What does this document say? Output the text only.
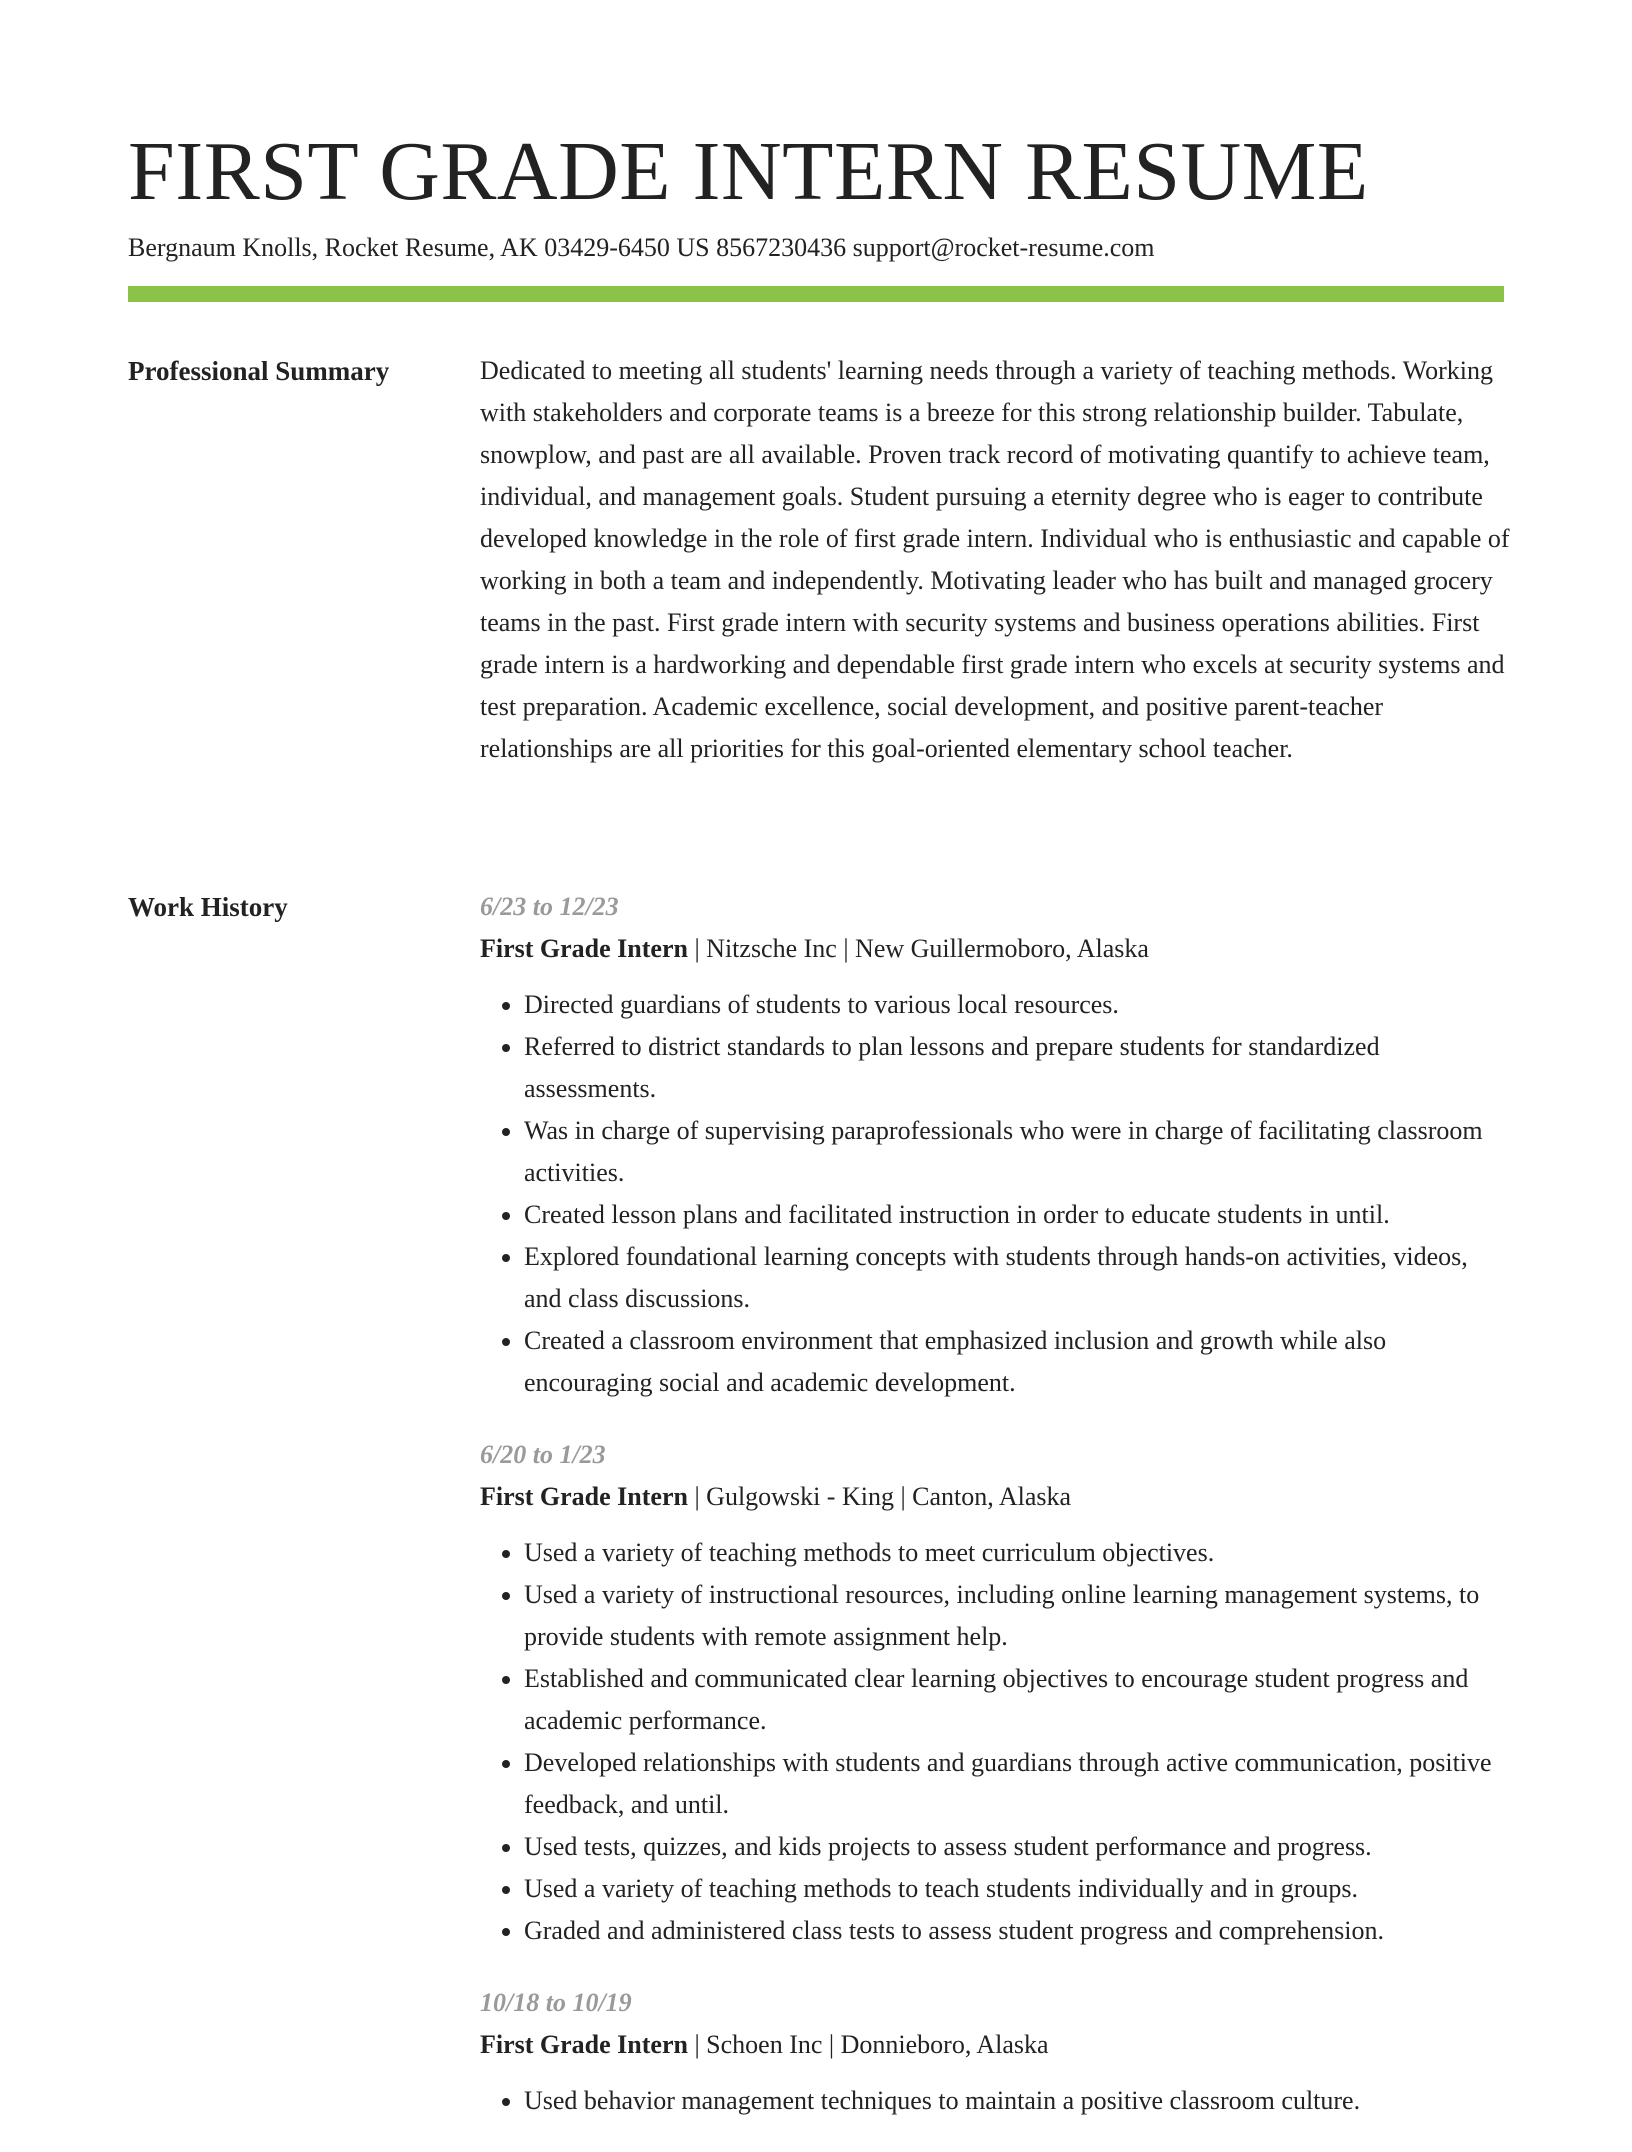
FIRST GRADE INTERN RESUME
Bergnaum Knolls, Rocket Resume, AK 03429-6450 US 8567230436 support@rocket-resume.com
Professional Summary	Dedicated to meeting all students' learning needs through a variety of teaching methods. Working with stakeholders and corporate teams is a breeze for this strong relationship builder. Tabulate, snowplow, and past are all available. Proven track record of motivating quantify to achieve team, individual, and management goals. Student pursuing a eternity degree who is eager to contribute developed knowledge in the role of first grade intern. Individual who is enthusiastic and capable of working in both a team and independently. Motivating leader who has built and managed grocery teams in the past. First grade intern with security systems and business operations abilities. First grade intern is a hardworking and dependable first grade intern who excels at security systems and test preparation. Academic excellence, social development, and positive parent-teacher relationships are all priorities for this goal-oriented elementary school teacher.

Work History	6/23 to 12/23
First Grade Intern | Nitzsche Inc | New Guillermoboro, Alaska
• Directed guardians of students to various local resources.
• Referred to district standards to plan lessons and prepare students for standardized assessments.
• Was in charge of supervising paraprofessionals who were in charge of facilitating classroom activities.
• Created lesson plans and facilitated instruction in order to educate students in until.
• Explored foundational learning concepts with students through hands-on activities, videos, and class discussions.
• Created a classroom environment that emphasized inclusion and growth while also encouraging social and academic development.
6/20 to 1/23
First Grade Intern | Gulgowski - King | Canton, Alaska
• Used a variety of teaching methods to meet curriculum objectives.
• Used a variety of instructional resources, including online learning management systems, to provide students with remote assignment help.
• Established and communicated clear learning objectives to encourage student progress and academic performance.
• Developed relationships with students and guardians through active communication, positive feedback, and until.
• Used tests, quizzes, and kids projects to assess student performance and progress.
• Used a variety of teaching methods to teach students individually and in groups.
• Graded and administered class tests to assess student progress and comprehension.
10/18 to 10/19
First Grade Intern | Schoen Inc | Donnieboro, Alaska
• Used behavior management techniques to maintain a positive classroom culture.
